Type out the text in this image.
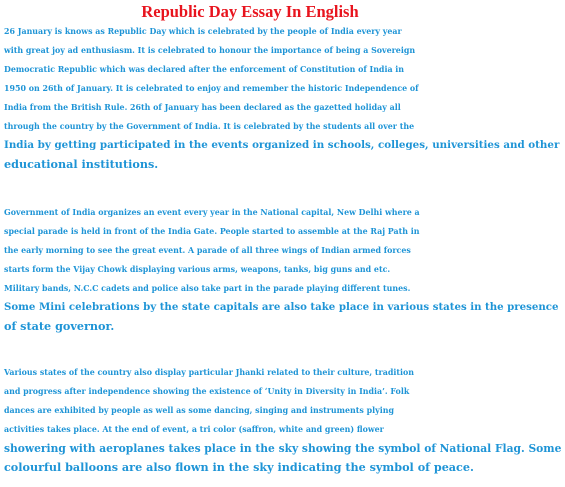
Republic Day Essay In English

26 January is knows as Republic Day which is celebrated by the people of India every year
with great joy ad enthusiasm. It is celebrated to honour the importance of being a Sovereign
Democratic Republic which was declared after the enforcement of Constitution of India in
1950 on 26th of January. It is celebrated to enjoy and remember the historic Independence of
India from the British Rule. 26th of January has been declared as the gazetted holiday all
through the country by the Government of India. It is celebrated by the students all over the
India by getting participated in the events organized in schools, colleges, universities and other
educational institutions.

Government of India organizes an event every year in the National capital, New Delhi where a
special parade is held in front of the India Gate. People started to assemble at the Raj Path in
the early morning to see the great event. A parade of all three wings of Indian armed forces
starts form the Vijay Chowk displaying various arms, weapons, tanks, big guns and etc.
Military bands, N.C.C cadets and police also take part in the parade playing different tunes.
Some Mini celebrations by the state capitals are also take place in various states in the presence
of state governor.

Various states of the country also display particular Jhanki related to their culture, tradition
and progress after independence showing the existence of ‘Unity in Diversity in India’. Folk
dances are exhibited by people as well as some dancing, singing and instruments plying
activities takes place. At the end of event, a tri color (saffron, white and green) flower
showering with aeroplanes takes place in the sky showing the symbol of National Flag. Some
colourful balloons are also flown in the sky indicating the symbol of peace.
